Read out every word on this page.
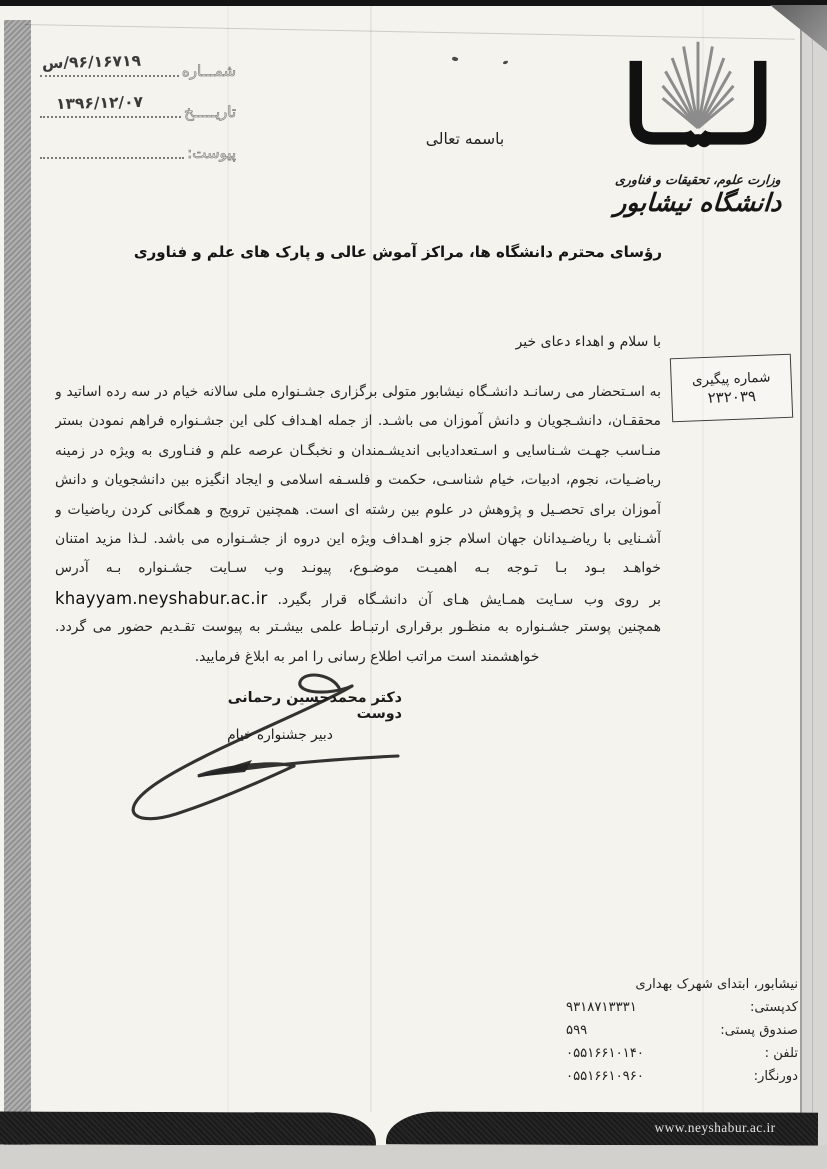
شمـــاره
س/۹۶/۱۶۷۱۹
تاریـــــخ
۱۳۹۶/۱۲/۰۷
پیوست:
باسمه تعالی
وزارت علوم، تحقیقات و فناوری
دانشگاه نیشابور
رؤسای محترم دانشگاه ها، مراکز آموش عالی و پارک های علم و فناوری
با سلام و اهداء دعای خیر
شماره پیگیری
۲۳۲۰۳۹
به اسـتحضار می رسانـد دانشـگاه نیشابور متولی برگزاری جشـنواره ملی سالانه خیام در سه رده اساتید و
محققـان، دانشـجویان و دانش آموزان می باشـد. از جمله اهـداف کلی این جشـنواره فراهم نمودن بستر
منـاسب جهـت شـناسایی و اسـتعدادیابی اندیشـمندان و نخبگـان عرصه علم و فنـاوری به ویژه در زمینه
ریاضـیات، نجوم، ادبیات، خیام شناسـی، حکمت و فلسـفه اسلامی و ایجاد انگیزه بین دانشجویان و دانش
آموزان برای تحصـیل و پژوهش در علوم بین رشته ای است. همچنین ترویج و همگانی کردن ریاضیات و
آشـنایی با ریاضـیدانان جهان اسلام جزو اهـداف ویژه این دروه از جشـنواره می باشد. لـذا مزید امتنان
خواهـد بـود بـا تـوجه بـه اهمیـت موضـوع، پیونـد وب سـایت جشـنواره بـه آدرس
khayyam.neyshabur.ac.ir بر روی وب سـایت همـایش هـای آن دانشـگاه قرار بگیرد.
همچنین پوستر جشـنواره به منظـور برقراری ارتبـاط علمی بیشـتر به پیوست تقـدیم حضور می گردد.
خواهشمند است مراتب اطلاع رسانی را امر به ابلاغ فرمایید.
دکتر محمدحسین رحمانی دوست
دبیر جشنواره خیام
نیشابور، ابتدای شهرک بهداری
کدپستی:
۹۳۱۸۷۱۳۳۳۱
صندوق پستی:
۵۹۹
تلفن :
۰۵۵۱۶۶۱۰۱۴۰
دورنگار:
۰۵۵۱۶۶۱۰۹۶۰
www.neyshabur.ac.ir
